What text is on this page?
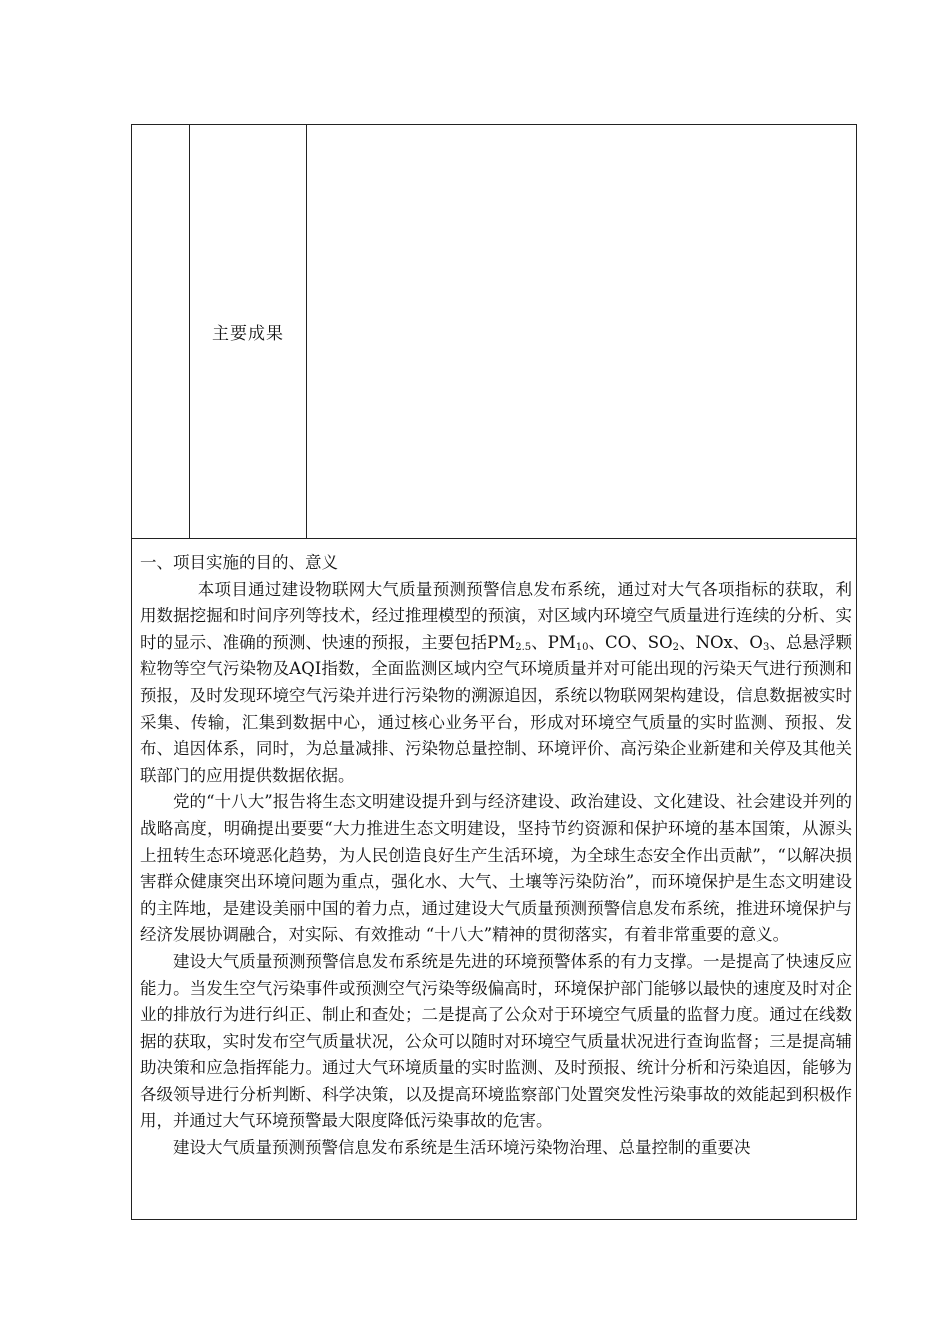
主要成果

一、项目实施的目的、意义

本项目通过建设物联网大气质量预测预警信息发布系统，通过对大气各项指标的获取，利用数据挖掘和时间序列等技术，经过推理模型的预演，对区域内环境空气质量进行连续的分析、实时的显示、准确的预测、快速的预报，主要包括$PM_{2.5}$、$PM_{10}$、CO、$SO_2$、NOx、$O_3$、总悬浮颗粒物等空气污染物及AQI指数，全面监测区域内空气环境质量并对可能出现的污染天气进行预测和预报，及时发现环境空气污染并进行污染物的溯源追因，系统以物联网架构建设，信息数据被实时采集、传输，汇集到数据中心，通过核心业务平台，形成对环境空气质量的实时监测、预报、发布、追因体系，同时，为总量减排、污染物总量控制、环境评价、高污染企业新建和关停及其他关联部门的应用提供数据依据。

党的“十八大”报告将生态文明建设提升到与经济建设、政治建设、文化建设、社会建设并列的战略高度，明确提出要要“大力推进生态文明建设，坚持节约资源和保护环境的基本国策，从源头上扭转生态环境恶化趋势，为人民创造良好生产生活环境，为全球生态安全作出贡献”，“以解决损害群众健康突出环境问题为重点，强化水、大气、土壤等污染防治”，而环境保护是生态文明建设的主阵地，是建设美丽中国的着力点，通过建设大气质量预测预警信息发布系统，推进环境保护与经济发展协调融合，对实际、有效推动 “十八大”精神的贯彻落实，有着非常重要的意义。

建设大气质量预测预警信息发布系统是先进的环境预警体系的有力支撑。一是提高了快速反应能力。当发生空气污染事件或预测空气污染等级偏高时，环境保护部门能够以最快的速度及时对企业的排放行为进行纠正、制止和查处；二是提高了公众对于环境空气质量的监督力度。通过在线数据的获取，实时发布空气质量状况，公众可以随时对环境空气质量状况进行查询监督；三是提高辅助决策和应急指挥能力。通过大气环境质量的实时监测、及时预报、统计分析和污染追因，能够为各级领导进行分析判断、科学决策，以及提高环境监察部门处置突发性污染事故的效能起到积极作用，并通过大气环境预警最大限度降低污染事故的危害。

建设大气质量预测预警信息发布系统是生活环境污染物治理、总量控制的重要决
